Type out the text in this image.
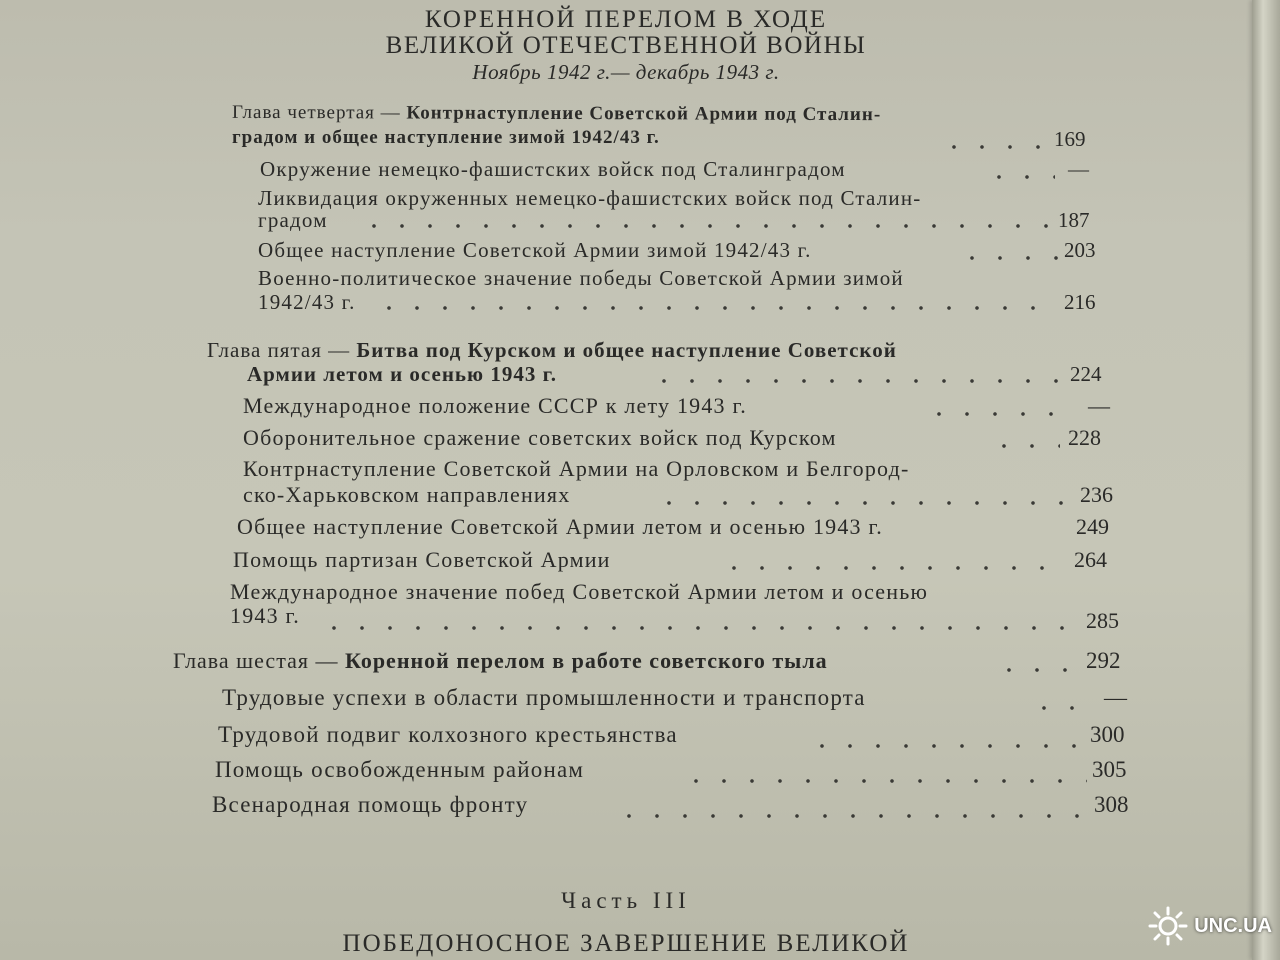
КОРЕННОЙ ПЕРЕЛОМ В ХОДЕ
ВЕЛИКОЙ ОТЕЧЕСТВЕННОЙ ВОЙНЫ
Ноябрь 1942 г.— декабрь 1943 г.
Глава четвертая — Контрнаступление Советской Армии под Сталин-
градом и общее наступление зимой 1942/43 г.	169
Окружение немецко-фашистских войск под Сталинградом	—
Ликвидация окруженных немецко-фашистских войск под Сталин-
градом	187
Общее наступление Советской Армии зимой 1942/43 г.	203
Военно-политическое значение победы Советской Армии зимой
1942/43 г.	216
Глава пятая — Битва под Курском и общее наступление Советской
Армии летом и осенью 1943 г.	224
Международное положение СССР к лету 1943 г.	—
Оборонительное сражение советских войск под Курском	228
Контрнаступление Советской Армии на Орловском и Белгород-
ско-Харьковском направлениях	236
Общее наступление Советской Армии летом и осенью 1943 г.	249
Помощь партизан Советской Армии	264
Международное значение побед Советской Армии летом и осенью
1943 г.	285
Глава шестая — Коренной перелом в работе советского тыла	292
Трудовые успехи в области промышленности и транспорта	—
Трудовой подвиг колхозного крестьянства	300
Помощь освобожденным районам	305
Всенародная помощь фронту	308
Часть III
ПОБЕДОНОСНОЕ ЗАВЕРШЕНИЕ ВЕЛИКОЙ
UNC.UA
